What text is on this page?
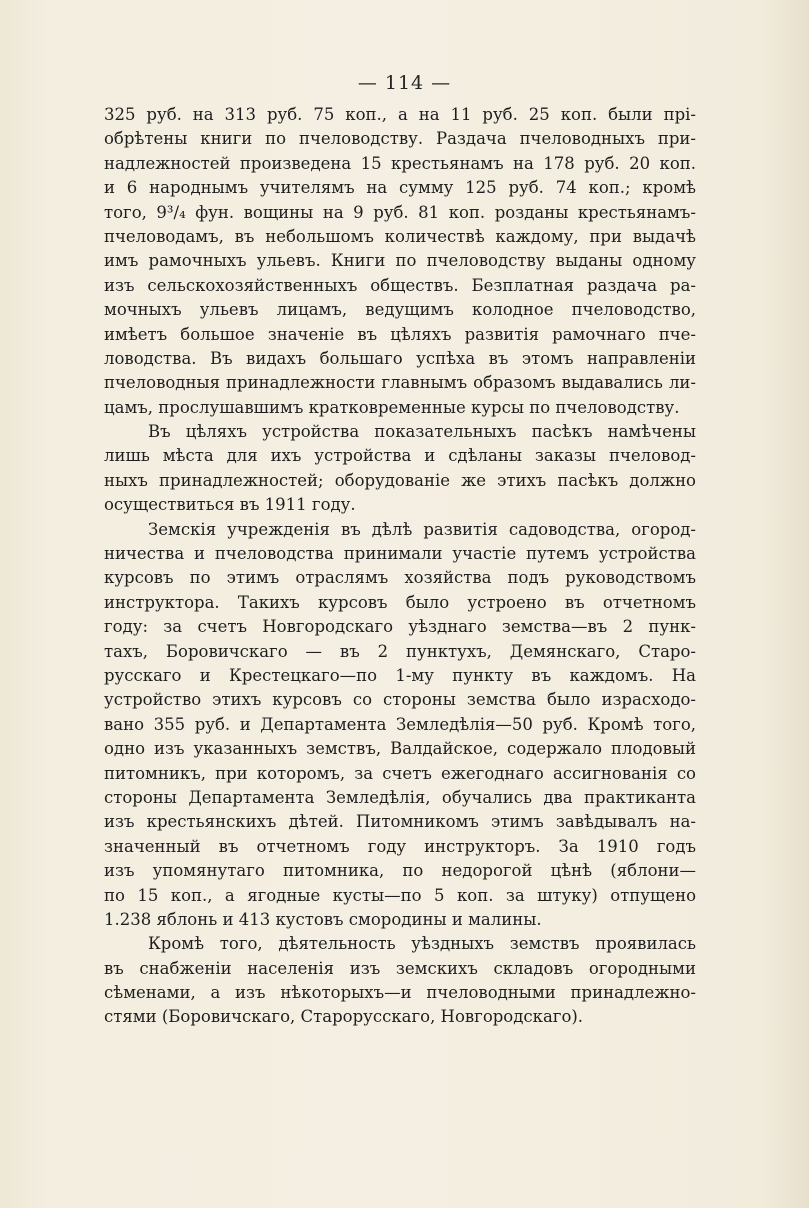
— 114 —
325 руб. на 313 руб. 75 коп., а на 11 руб. 25 коп. были прі-
обрѣтены книги по пчеловодству. Раздача пчеловодныхъ при-
надлежностей произведена 15 крестьянамъ на 178 руб. 20 коп.
и 6 народнымъ учителямъ на сумму 125 руб. 74 коп.; кромѣ
того, 9³/₄ фун. вощины на 9 руб. 81 коп. розданы крестьянамъ-
пчеловодамъ, въ небольшомъ количествѣ каждому, при выдачѣ
имъ рамочныхъ ульевъ. Книги по пчеловодству выданы одному
изъ сельскохозяйственныхъ обществъ. Безплатная раздача ра-
мочныхъ ульевъ лицамъ, ведущимъ колодное пчеловодство,
имѣетъ большое значеніе въ цѣляхъ развитія рамочнаго пче-
ловодства. Въ видахъ большаго успѣха въ этомъ направленіи
пчеловодныя принадлежности главнымъ образомъ выдавались ли-
цамъ, прослушавшимъ кратковременные курсы по пчеловодству.
Въ цѣляхъ устройства показательныхъ пасѣкъ намѣчены
лишь мѣста для ихъ устройства и сдѣланы заказы пчеловод-
ныхъ принадлежностей; оборудованіе же этихъ пасѣкъ должно
осуществиться въ 1911 году.
Земскія учрежденія въ дѣлѣ развитія садоводства, огород-
ничества и пчеловодства принимали участіе путемъ устройства
курсовъ по этимъ отраслямъ хозяйства подъ руководствомъ
инструктора. Такихъ курсовъ было устроено въ отчетномъ
году: за счетъ Новгородскаго уѣзднаго земства—въ 2 пунк-
тахъ, Боровичскаго — въ 2 пунктухъ, Демянскаго, Старо-
русскаго и Крестецкаго—по 1-му пункту въ каждомъ. На
устройство этихъ курсовъ со стороны земства было израсходо-
вано 355 руб. и Департамента Земледѣлія—50 руб. Кромѣ того,
одно изъ указанныхъ земствъ, Валдайское, содержало плодовый
питомникъ, при которомъ, за счетъ ежегоднаго ассигнованія со
стороны Департамента Земледѣлія, обучались два практиканта
изъ крестьянскихъ дѣтей. Питомникомъ этимъ завѣдывалъ на-
значенный въ отчетномъ году инструкторъ. За 1910 годъ
изъ упомянутаго питомника, по недорогой цѣнѣ (яблони—
по 15 коп., а ягодные кусты—по 5 коп. за штуку) отпущено
1.238 яблонь и 413 кустовъ смородины и малины.
Кромѣ того, дѣятельность уѣздныхъ земствъ проявилась
въ снабженіи населенія изъ земскихъ складовъ огородными
сѣменами, а изъ нѣкоторыхъ—и пчеловодными принадлежно-
стями (Боровичскаго, Старорусскаго, Новгородскаго).
